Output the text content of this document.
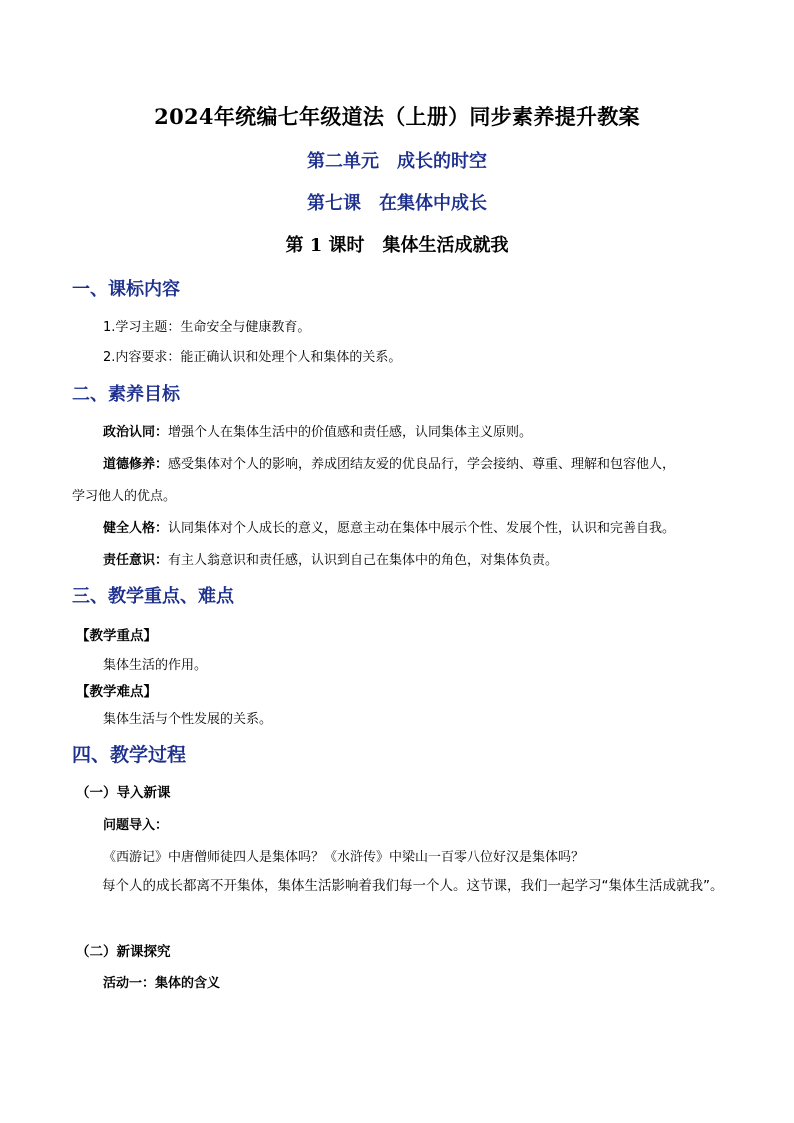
2024年统编七年级道法（上册）同步素养提升教案
第二单元　成长的时空
第七课　在集体中成长
第 1 课时　集体生活成就我
一、课标内容
1.学习主题：生命安全与健康教育。
2.内容要求：能正确认识和处理个人和集体的关系。
二、素养目标
政治认同：增强个人在集体生活中的价值感和责任感，认同集体主义原则。
道德修养：感受集体对个人的影响，养成团结友爱的优良品行，学会接纳、尊重、理解和包容他人，
学习他人的优点。
健全人格：认同集体对个人成长的意义，愿意主动在集体中展示个性、发展个性，认识和完善自我。
责任意识：有主人翁意识和责任感，认识到自己在集体中的角色，对集体负责。
三、教学重点、难点
【教学重点】
集体生活的作用。
【教学难点】
集体生活与个性发展的关系。
四、教学过程
（一）导入新课
问题导入：
《西游记》中唐僧师徒四人是集体吗？《水浒传》中梁山一百零八位好汉是集体吗？
每个人的成长都离不开集体，集体生活影响着我们每一个人。这节课，我们一起学习“集体生活成就我”。
（二）新课探究
活动一：集体的含义
